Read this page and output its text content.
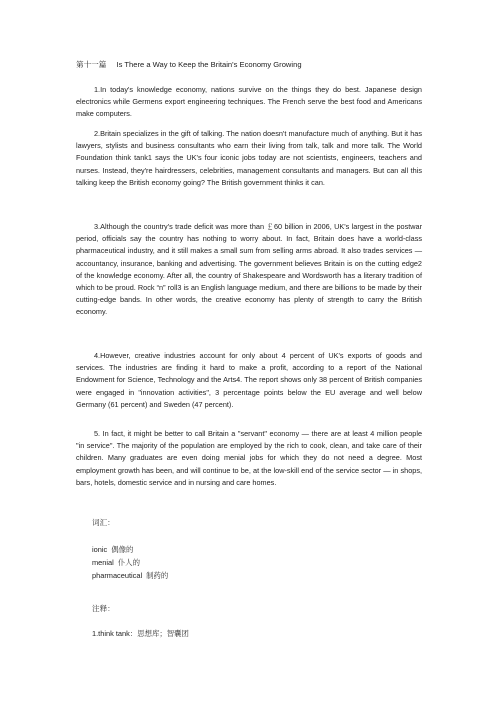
第十一篇 Is There a Way to Keep the Britain's Economy Growing

1.In today's knowledge economy, nations survive on the things they do best. Japanese design electronics while Germens export engineering techniques. The French serve the best food and Americans make computers.

2.Britain specializes in the gift of talking. The nation doesn't manufacture much of anything. But it has lawyers, stylists and business consultants who earn their living from talk, talk and more talk. The World Foundation think tank1 says the UK's four iconic jobs today are not scientists, engineers, teachers and nurses. Instead, they're hairdressers, celebrities, management consultants and managers. But can all this talking keep the British economy going? The British government thinks it can.

3.Although the country's trade deficit was more than ￡60 billion in 2006, UK's largest in the postwar period, officials say the country has nothing to worry about. In fact, Britain does have a world-class pharmaceutical industry, and it still makes a small sum from selling arms abroad. It also trades services — accountancy, insurance, banking and advertising. The government believes Britain is on the cutting edge2 of the knowledge economy. After all, the country of Shakespeare and Wordsworth has a literary tradition of which to be proud. Rock “n” roll3 is an English language medium, and there are billions to be made by their cutting-edge bands. In other words, the creative economy has plenty of strength to carry the British economy.

4.However, creative industries account for only about 4 percent of UK's exports of goods and services. The industries are finding it hard to make a profit, according to a report of the National Endowment for Science, Technology and the Arts4. The report shows only 38 percent of British companies were engaged in "innovation activities", 3 percentage points below the EU average and well below Germany (61 percent) and Sweden (47 percent).

5. In fact, it might be better to call Britain a "servant" economy — there are at least 4 million people "in service". The majority of the population are employed by the rich to cook, clean, and take care of their children. Many graduates are even doing menial jobs for which they do not need a degree. Most employment growth has been, and will continue to be, at the low-skill end of the service sector — in shops, bars, hotels, domestic service and in nursing and care homes.

词汇：
ionic 偶像的
menial 仆人的
pharmaceutical 制药的
注释：
1.think tank：思想库；智囊团
